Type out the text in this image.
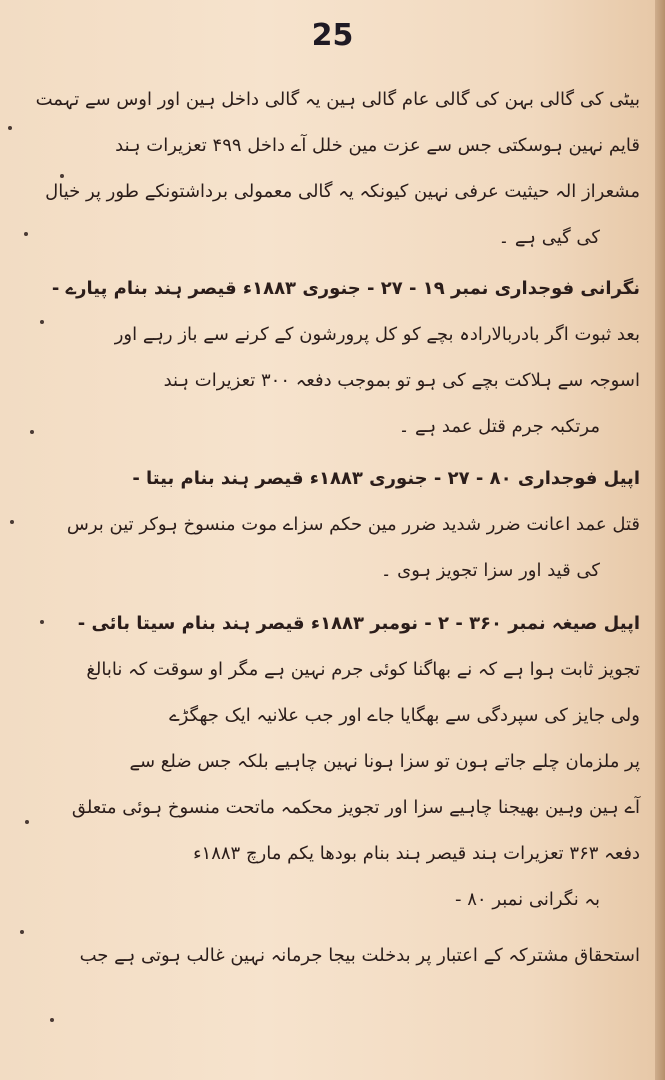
25
بیٹی کی گالی بہن کی گالی عام گالی ہین یہ گالی داخل ہین اور اوس سے تہمت
قایم نہین ہوسکتی جس سے عزت مین خلل آے داخل ۴۹۹ تعزیرات ہند
مشعراز الہ حیثیت عرفی نہین کیونکہ یہ گالی معمولی برداشتونکے طور پر خیال
کی گیی ہے ۔
نگرانی فوجداری نمبر ۱۹ - ۲۷ - جنوری ۱۸۸۳ء قیصر ہند بنام پیارے -
بعد ثبوت اگر بادربالارادہ بچے کو کل پرورشون کے کرنے سے باز رہے اور
اسوجہ سے ہلاکت بچے کی ہو تو بموجب دفعہ ۳۰۰ تعزیرات ہند
مرتکبہ جرم قتل عمد ہے ۔
اپیل فوجداری ۸۰ - ۲۷ - جنوری ۱۸۸۳ء قیصر ہند بنام بیتا -
قتل عمد اعانت ضرر شدید ضرر مین حکم سزاے موت منسوخ ہوکر تین برس
کی قید اور سزا تجویز ہوی ۔
اپیل صیغہ نمبر ۳۶۰ - ۲ - نومبر ۱۸۸۳ء قیصر ہند بنام سیتا بائی -
تجویز ثابت ہوا ہے کہ نے بھاگنا کوئی جرم نہین ہے مگر او سوقت کہ نابالغ
ولی جایز کی سپردگی سے بھگایا جاے اور جب علانیہ ایک جھگڑے
پر ملزمان چلے جاتے ہون تو سزا ہونا نہین چاہیے بلکہ جس ضلع سے
آے ہین وہین بھیجنا چاہیے سزا اور تجویز محکمہ ماتحت منسوخ ہوئی متعلق
دفعہ ۳۶۳ تعزیرات ہند قیصر ہند بنام بودھا یکم مارچ ۱۸۸۳ء
بہ نگرانی نمبر ۸۰ -
استحقاق مشترکہ کے اعتبار پر بدخلت بیجا جرمانہ نہین غالب ہوتی ہے جب
